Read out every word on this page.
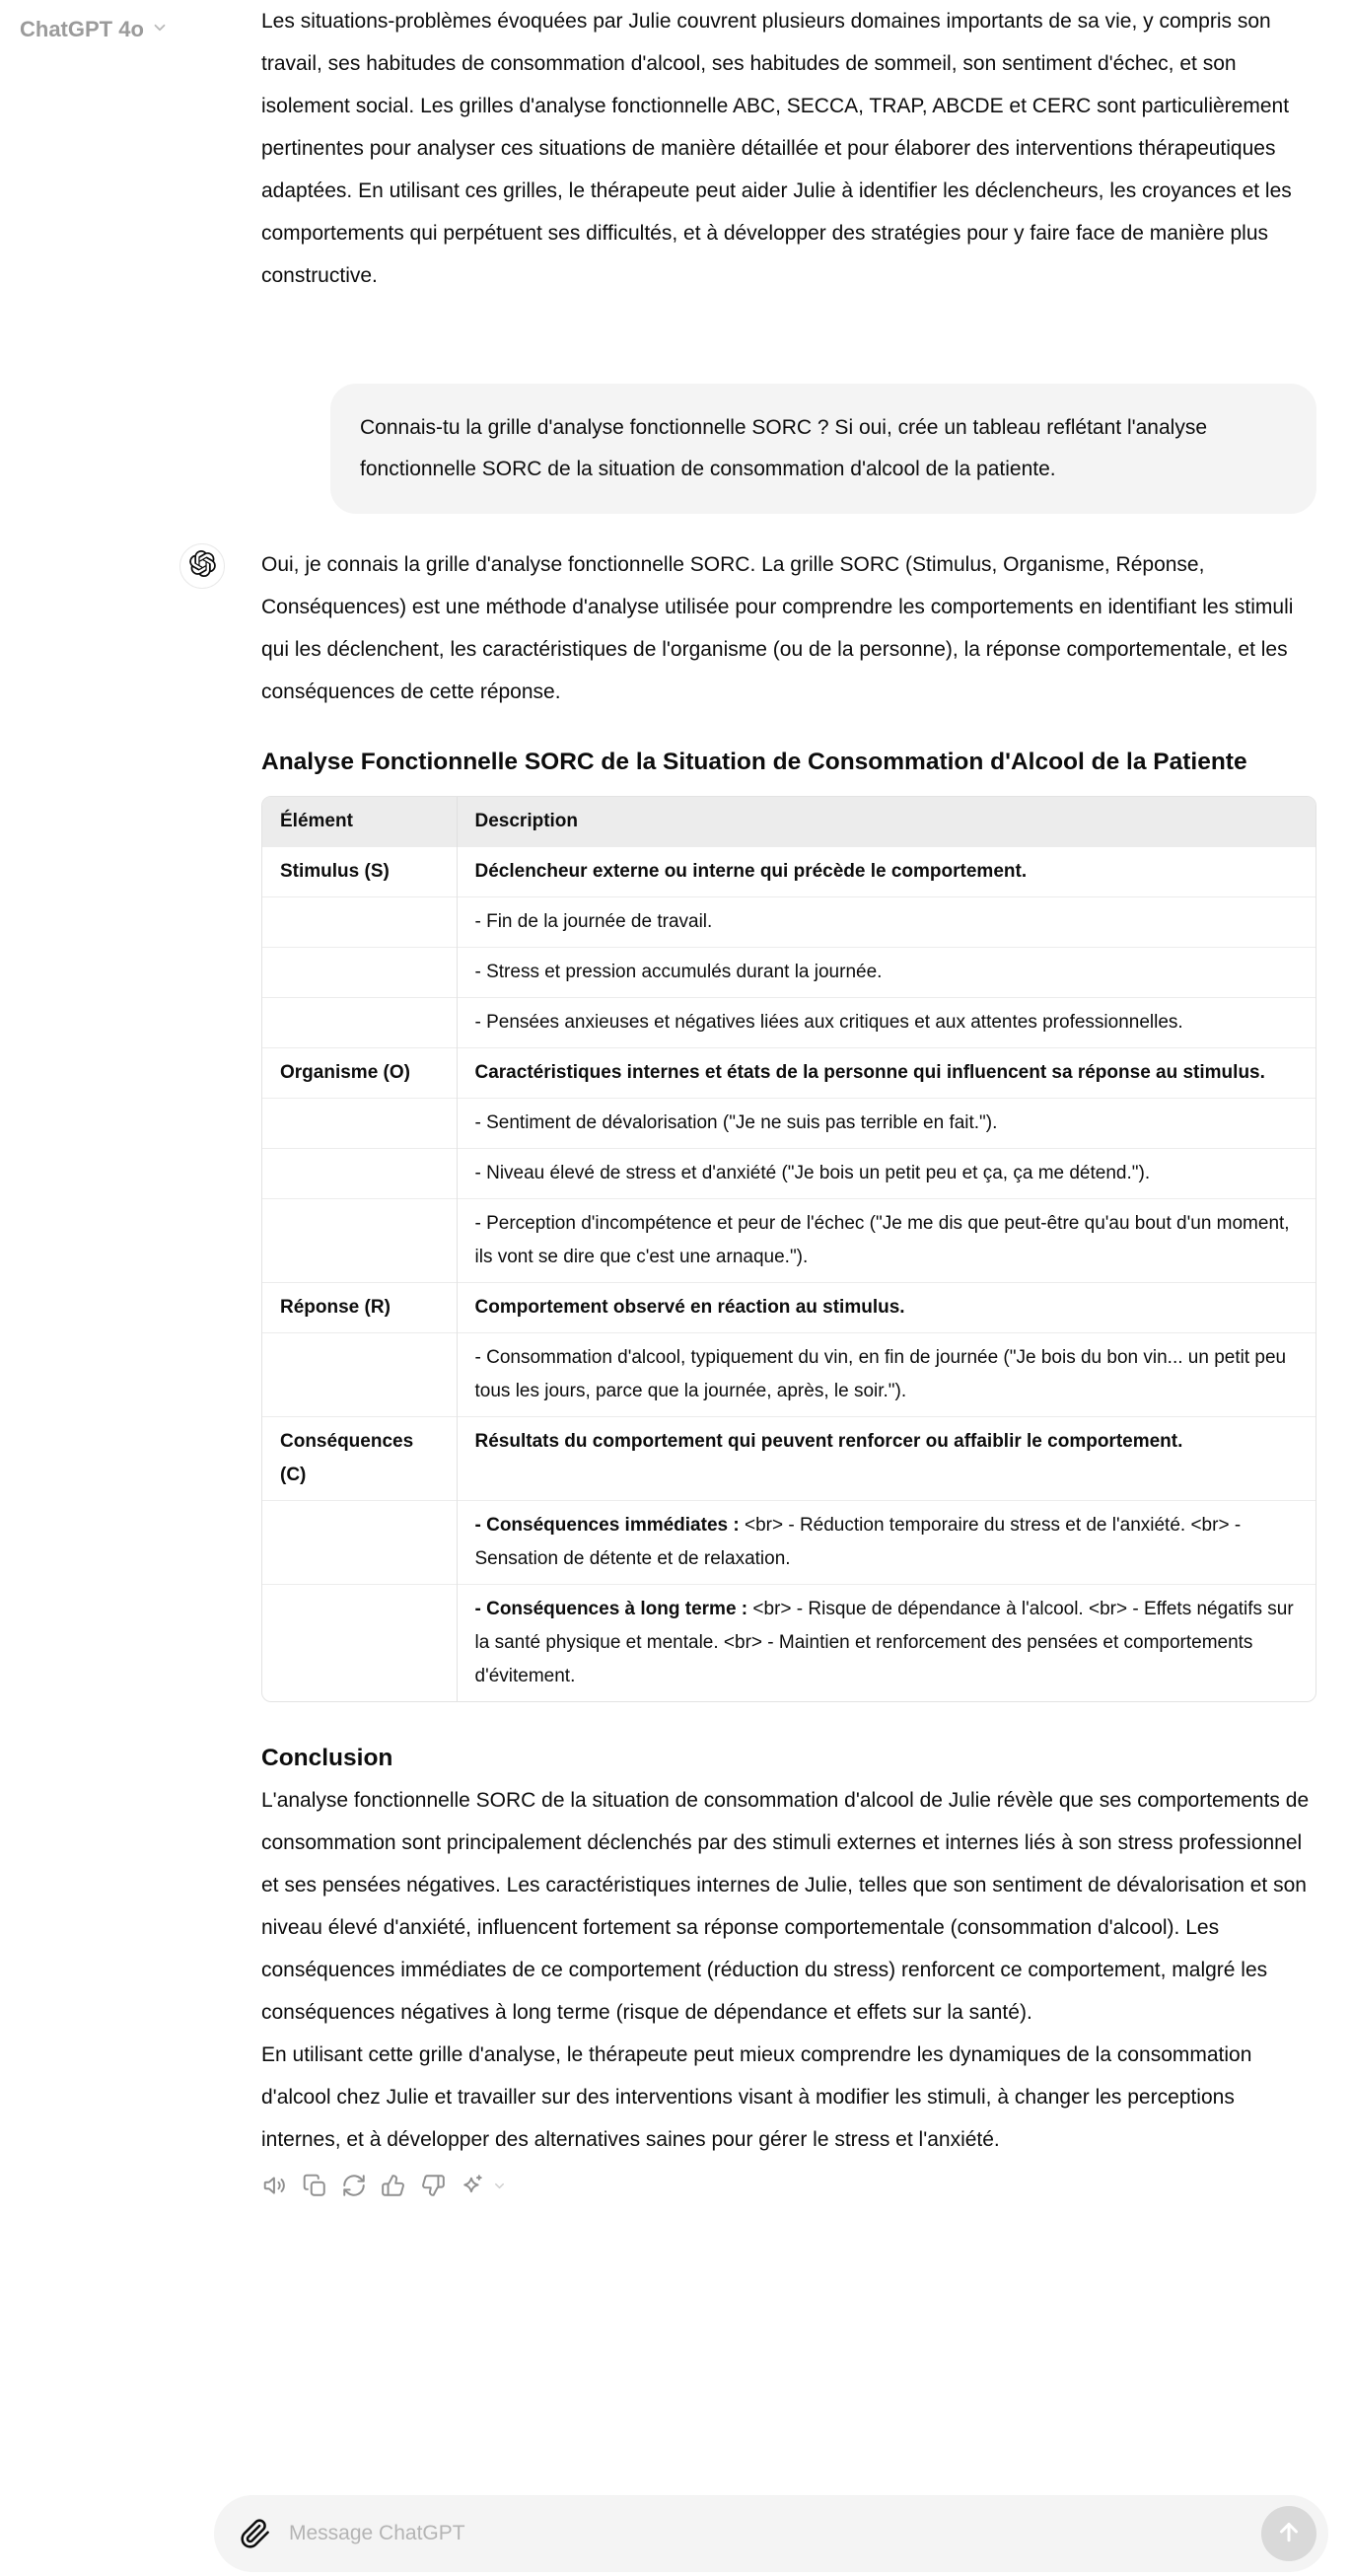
ChatGPT 4o	Les situations-problèmes évoquées par Julie couvrent plusieurs domaines importants de sa vie, y compris son travail, ses habitudes de consommation d'alcool, ses habitudes de sommeil, son sentiment d'échec, et son isolement social. Les grilles d'analyse fonctionnelle ABC, SECCA, TRAP, ABCDE et CERC sont particulièrement pertinentes pour analyser ces situations de manière détaillée et pour élaborer des interventions thérapeutiques adaptées. En utilisant ces grilles, le thérapeute peut aider Julie à identifier les déclencheurs, les croyances et les comportements qui perpétuent ses difficultés, et à développer des stratégies pour y faire face de manière plus constructive.

Connais-tu la grille d'analyse fonctionnelle SORC ? Si oui, crée un tableau reflétant l'analyse fonctionnelle SORC de la situation de consommation d'alcool de la patiente.

Oui, je connais la grille d'analyse fonctionnelle SORC. La grille SORC (Stimulus, Organisme, Réponse, Conséquences) est une méthode d'analyse utilisée pour comprendre les comportements en identifiant les stimuli qui les déclenchent, les caractéristiques de l'organisme (ou de la personne), la réponse comportementale, et les conséquences de cette réponse.

Analyse Fonctionnelle SORC de la Situation de Consommation d'Alcool de la Patiente
Élément	Description
Stimulus (S)	Déclencheur externe ou interne qui précède le comportement.
	- Fin de la journée de travail.
	- Stress et pression accumulés durant la journée.
	- Pensées anxieuses et négatives liées aux critiques et aux attentes professionnelles.
Organisme (O)	Caractéristiques internes et états de la personne qui influencent sa réponse au stimulus.
	- Sentiment de dévalorisation ("Je ne suis pas terrible en fait.").
	- Niveau élevé de stress et d'anxiété ("Je bois un petit peu et ça, ça me détend.").
	- Perception d'incompétence et peur de l'échec ("Je me dis que peut-être qu'au bout d'un moment, ils vont se dire que c'est une arnaque.").
Réponse (R)	Comportement observé en réaction au stimulus.
	- Consommation d'alcool, typiquement du vin, en fin de journée ("Je bois du bon vin... un petit peu tous les jours, parce que la journée, après, le soir.").
Conséquences (C)	Résultats du comportement qui peuvent renforcer ou affaiblir le comportement.
	- Conséquences immédiates : <br> - Réduction temporaire du stress et de l'anxiété. <br> - Sensation de détente et de relaxation.
	- Conséquences à long terme : <br> - Risque de dépendance à l'alcool. <br> - Effets négatifs sur la santé physique et mentale. <br> - Maintien et renforcement des pensées et comportements d'évitement.
Conclusion

L'analyse fonctionnelle SORC de la situation de consommation d'alcool de Julie révèle que ses comportements de consommation sont principalement déclenchés par des stimuli externes et internes liés à son stress professionnel et ses pensées négatives. Les caractéristiques internes de Julie, telles que son sentiment de dévalorisation et son niveau élevé d'anxiété, influencent fortement sa réponse comportementale (consommation d'alcool). Les conséquences immédiates de ce comportement (réduction du stress) renforcent ce comportement, malgré les conséquences négatives à long terme (risque de dépendance et effets sur la santé).

En utilisant cette grille d'analyse, le thérapeute peut mieux comprendre les dynamiques de la consommation d'alcool chez Julie et travailler sur des interventions visant à modifier les stimuli, à changer les perceptions internes, et à développer des alternatives saines pour gérer le stress et l'anxiété.

Message ChatGPT
